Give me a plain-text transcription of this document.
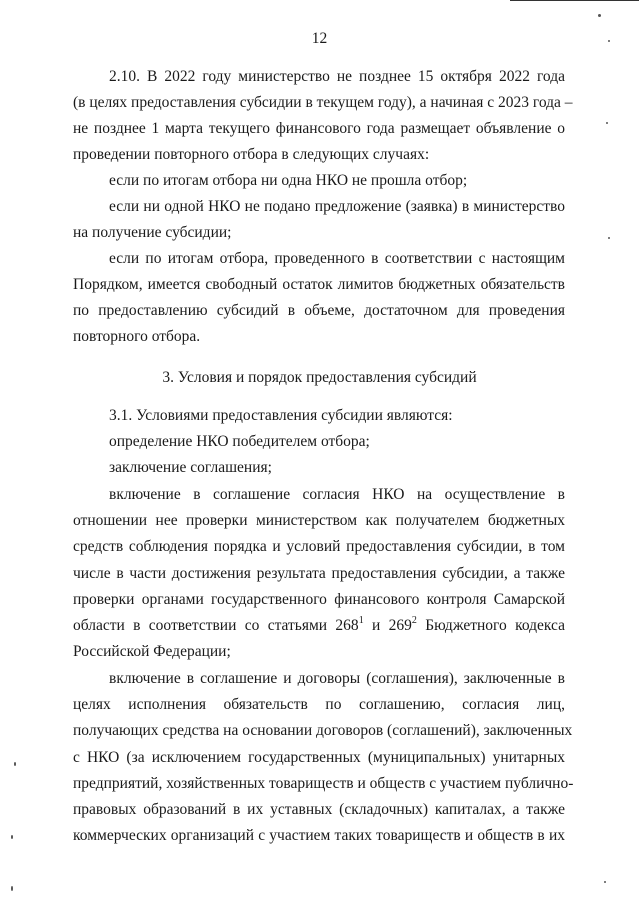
12
2.10. В 2022 году министерство не позднее 15 октября 2022 года
(в целях предоставления субсидии в текущем году), а начиная с 2023 года –
не позднее 1 марта текущего финансового года размещает объявление о
проведении повторного отбора в следующих случаях:
если по итогам отбора ни одна НКО не прошла отбор;
если ни одной НКО не подано предложение (заявка) в министерство
на получение субсидии;
если по итогам отбора, проведенного в соответствии с настоящим
Порядком, имеется свободный остаток лимитов бюджетных обязательств
по предоставлению субсидий в объеме, достаточном для проведения
повторного отбора.
3. Условия и порядок предоставления субсидий
3.1. Условиями предоставления субсидии являются:
определение НКО победителем отбора;
заключение соглашения;
включение в соглашение согласия НКО на осуществление в
отношении нее проверки министерством как получателем бюджетных
средств соблюдения порядка и условий предоставления субсидии, в том
числе в части достижения результата предоставления субсидии, а также
проверки органами государственного финансового контроля Самарской
области в соответствии со статьями $268^1$ и $269^2$ Бюджетного кодекса
Российской Федерации;
включение в соглашение и договоры (соглашения), заключенные в
целях исполнения обязательств по соглашению, согласия лиц,
получающих средства на основании договоров (соглашений), заключенных
с НКО (за исключением государственных (муниципальных) унитарных
предприятий, хозяйственных товариществ и обществ с участием публично-
правовых образований в их уставных (складочных) капиталах, а также
коммерческих организаций с участием таких товариществ и обществ в их
